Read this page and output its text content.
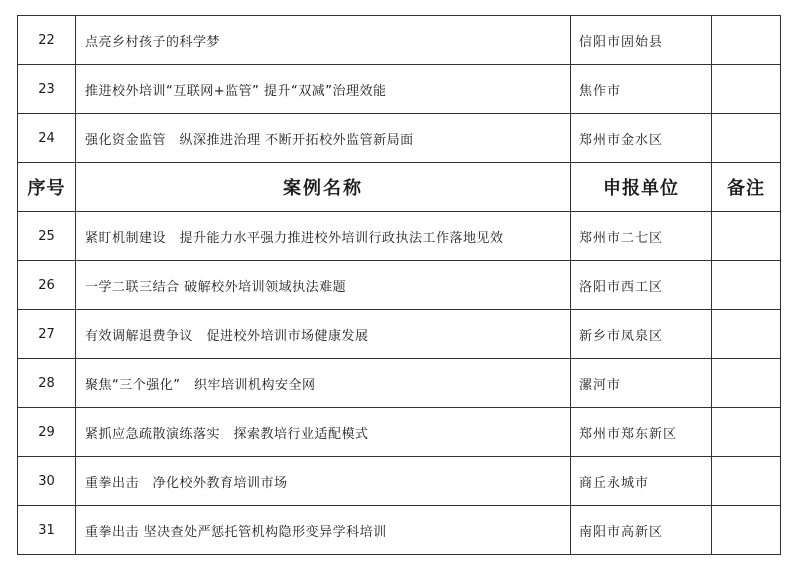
22	点亮乡村孩子的科学梦	信阳市固始县	
23	推进校外培训“互联网+监管” 提升“双减”治理效能	焦作市	
24	强化资金监管　纵深推进治理 不断开拓校外监管新局面	郑州市金水区	
序号	案例名称	申报单位	备注
25	紧盯机制建设　提升能力水平强力推进校外培训行政执法工作落地见效	郑州市二七区	
26	一学二联三结合 破解校外培训领域执法难题	洛阳市西工区	
27	有效调解退费争议　促进校外培训市场健康发展	新乡市凤泉区	
28	聚焦“三个强化”　织牢培训机构安全网	漯河市	
29	紧抓应急疏散演练落实　探索教培行业适配模式	郑州市郑东新区	
30	重拳出击　净化校外教育培训市场	商丘永城市	
31	重拳出击 坚决查处严惩托管机构隐形变异学科培训	南阳市高新区	
